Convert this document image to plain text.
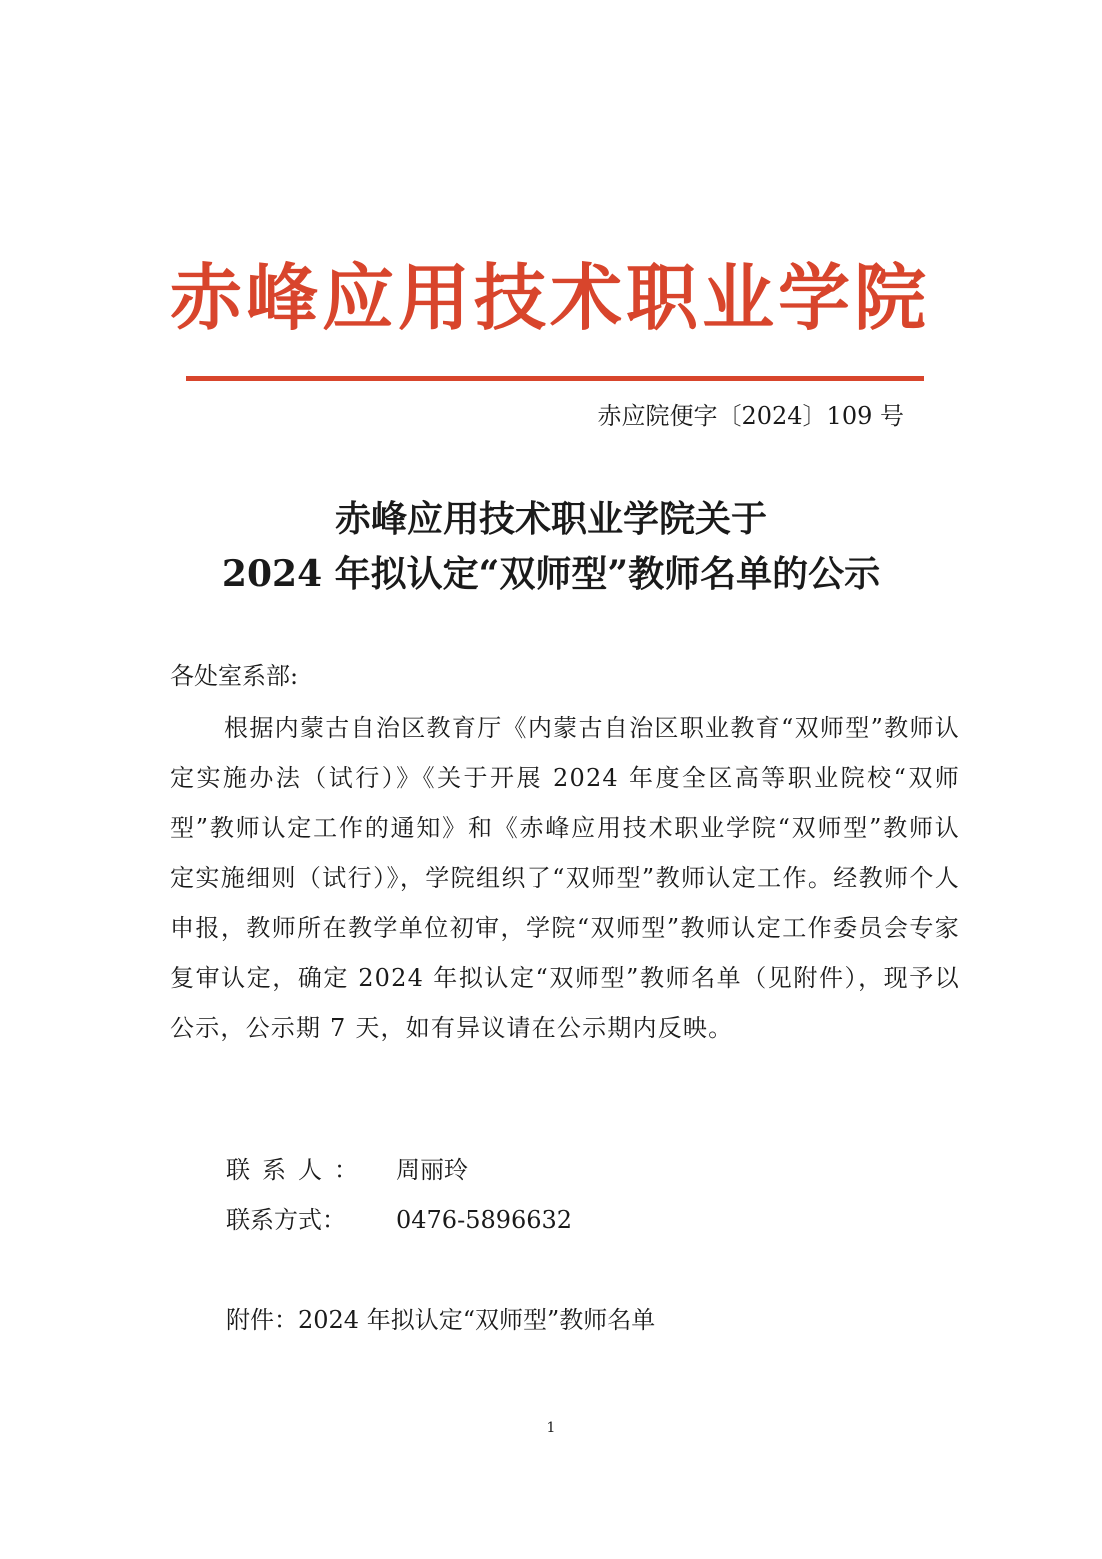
赤峰应用技术职业学院
赤应院便字〔2024〕109 号
赤峰应用技术职业学院关于
2024 年拟认定“双师型”教师名单的公示
各处室系部:
根据内蒙古自治区教育厅《内蒙古自治区职业教育“双师型”教师认定实施办法（试行）》《关于开展 2024 年度全区高等职业院校“双师型”教师认定工作的通知》和《赤峰应用技术职业学院“双师型”教师认定实施细则（试行）》，学院组织了“双师型”教师认定工作。经教师个人申报，教师所在教学单位初审，学院“双师型”教师认定工作委员会专家复审认定，确定 2024 年拟认定“双师型”教师名单（见附件），现予以公示，公示期 7 天，如有异议请在公示期内反映。
联系人： 周丽玲
联系方式： 0476-5896632
附件：2024 年拟认定“双师型”教师名单
1
